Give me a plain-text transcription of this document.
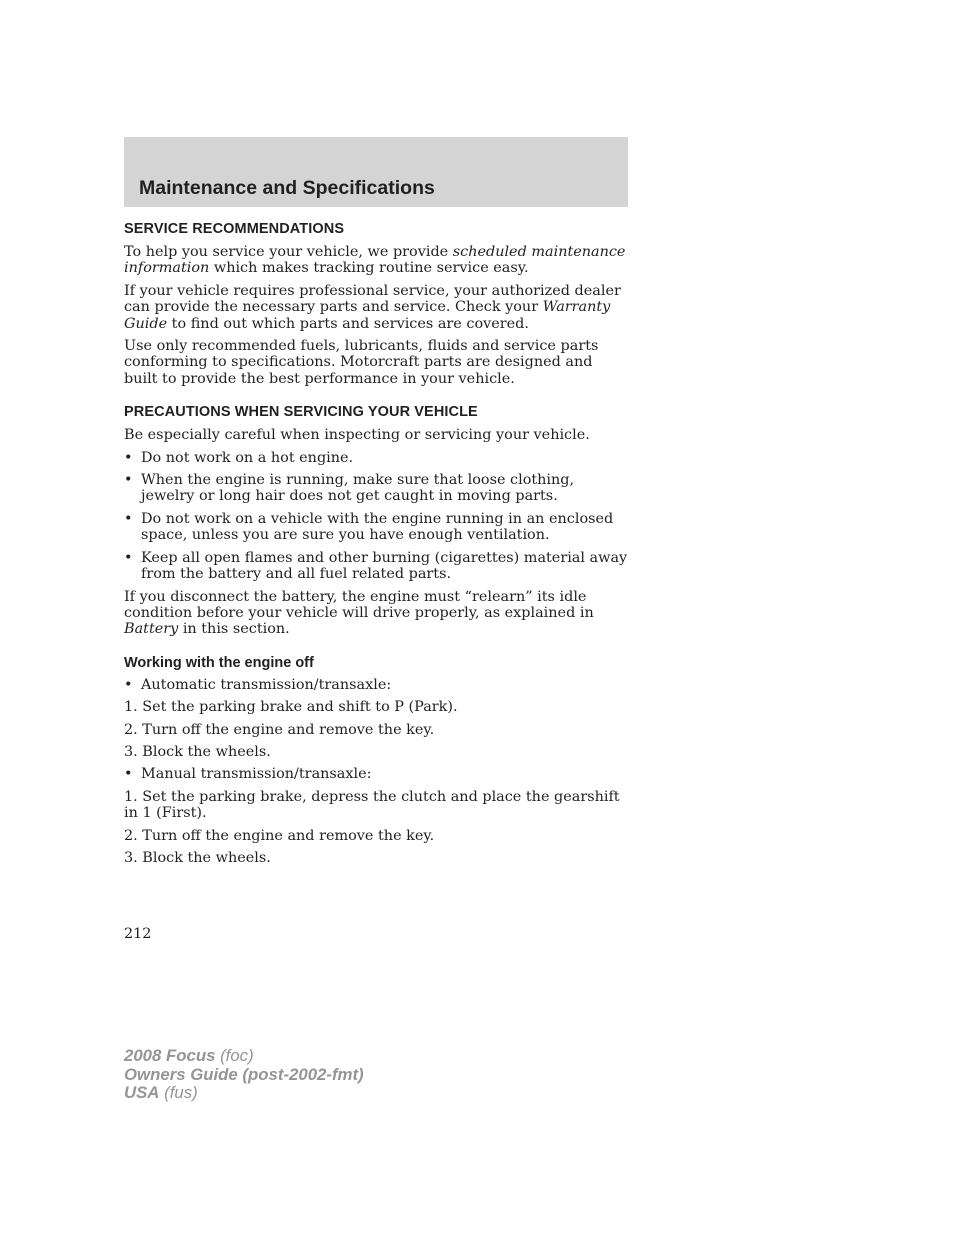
Maintenance and Specifications
SERVICE RECOMMENDATIONS

To help you service your vehicle, we provide scheduled maintenance information which makes tracking routine service easy.

If your vehicle requires professional service, your authorized dealer can provide the necessary parts and service. Check your Warranty Guide to find out which parts and services are covered.

Use only recommended fuels, lubricants, fluids and service parts conforming to specifications. Motorcraft parts are designed and built to provide the best performance in your vehicle.

PRECAUTIONS WHEN SERVICING YOUR VEHICLE

Be especially careful when inspecting or servicing your vehicle.

• Do not work on a hot engine.
• When the engine is running, make sure that loose clothing, jewelry or long hair does not get caught in moving parts.
• Do not work on a vehicle with the engine running in an enclosed space, unless you are sure you have enough ventilation.
• Keep all open flames and other burning (cigarettes) material away from the battery and all fuel related parts.

If you disconnect the battery, the engine must “relearn” its idle condition before your vehicle will drive properly, as explained in Battery in this section.

Working with the engine off
• Automatic transmission/transaxle:

1. Set the parking brake and shift to P (Park).

2. Turn off the engine and remove the key.

3. Block the wheels.

• Manual transmission/transaxle:

1. Set the parking brake, depress the clutch and place the gearshift in 1 (First).

2. Turn off the engine and remove the key.

3. Block the wheels.

212
2008 Focus (foc)
Owners Guide (post-2002-fmt)
USA (fus)
